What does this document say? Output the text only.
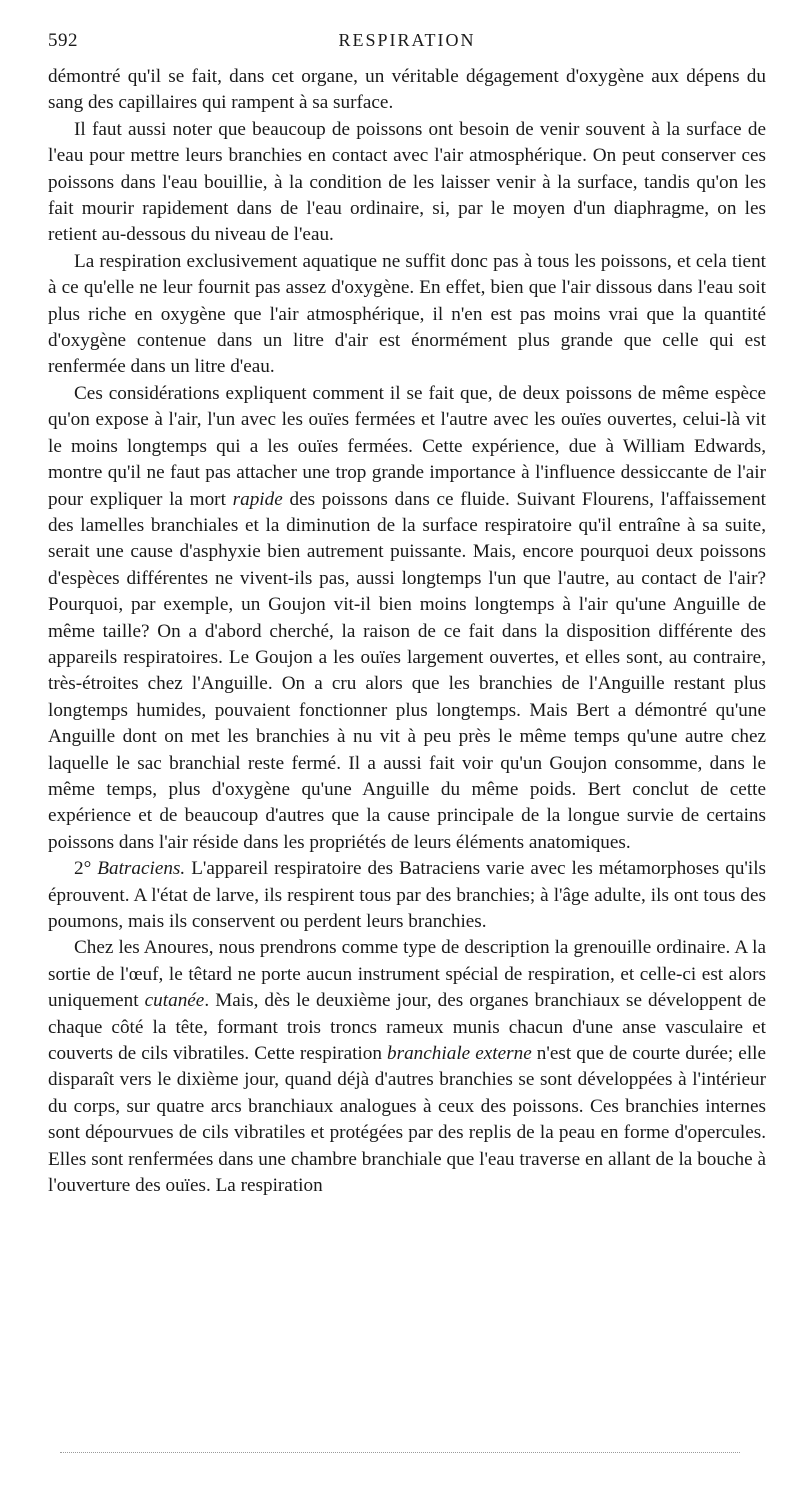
592	RESPIRATION

démontré qu'il se fait, dans cet organe, un véritable dégagement d'oxygène aux dépens du sang des capillaires qui rampent à sa surface.

Il faut aussi noter que beaucoup de poissons ont besoin de venir souvent à la surface de l'eau pour mettre leurs branchies en contact avec l'air atmosphérique. On peut conserver ces poissons dans l'eau bouillie, à la condition de les laisser venir à la surface, tandis qu'on les fait mourir rapidement dans de l'eau ordinaire, si, par le moyen d'un diaphragme, on les retient au-dessous du niveau de l'eau.

La respiration exclusivement aquatique ne suffit donc pas à tous les poissons, et cela tient à ce qu'elle ne leur fournit pas assez d'oxygène. En effet, bien que l'air dissous dans l'eau soit plus riche en oxygène que l'air atmosphérique, il n'en est pas moins vrai que la quantité d'oxygène contenue dans un litre d'air est énormément plus grande que celle qui est renfermée dans un litre d'eau.

Ces considérations expliquent comment il se fait que, de deux poissons de même espèce qu'on expose à l'air, l'un avec les ouïes fermées et l'autre avec les ouïes ouvertes, celui-là vit le moins longtemps qui a les ouïes fermées. Cette expérience, due à William Edwards, montre qu'il ne faut pas attacher une trop grande importance à l'influence dessiccante de l'air pour expliquer la mort rapide des poissons dans ce fluide. Suivant Flourens, l'affaissement des lamelles branchiales et la diminution de la surface respiratoire qu'il entraîne à sa suite, serait une cause d'asphyxie bien autrement puissante. Mais, encore pourquoi deux poissons d'espèces différentes ne vivent-ils pas, aussi longtemps l'un que l'autre, au contact de l'air? Pourquoi, par exemple, un Goujon vit-il bien moins longtemps à l'air qu'une Anguille de même taille? On a d'abord cherché, la raison de ce fait dans la disposition différente des appareils respiratoires. Le Goujon a les ouïes largement ouvertes, et elles sont, au contraire, très-étroites chez l'Anguille. On a cru alors que les branchies de l'Anguille restant plus longtemps humides, pouvaient fonctionner plus longtemps. Mais Bert a démontré qu'une Anguille dont on met les branchies à nu vit à peu près le même temps qu'une autre chez laquelle le sac branchial reste fermé. Il a aussi fait voir qu'un Goujon consomme, dans le même temps, plus d'oxygène qu'une Anguille du même poids. Bert conclut de cette expérience et de beaucoup d'autres que la cause principale de la longue survie de certains poissons dans l'air réside dans les propriétés de leurs éléments anatomiques.

2° Batraciens. L'appareil respiratoire des Batraciens varie avec les métamorphoses qu'ils éprouvent. A l'état de larve, ils respirent tous par des branchies; à l'âge adulte, ils ont tous des poumons, mais ils conservent ou perdent leurs branchies.

Chez les Anoures, nous prendrons comme type de description la grenouille ordinaire. A la sortie de l'œuf, le têtard ne porte aucun instrument spécial de respiration, et celle-ci est alors uniquement cutanée. Mais, dès le deuxième jour, des organes branchiaux se développent de chaque côté la tête, formant trois troncs rameux munis chacun d'une anse vasculaire et couverts de cils vibratiles. Cette respiration branchiale externe n'est que de courte durée; elle disparaît vers le dixième jour, quand déjà d'autres branchies se sont développées à l'intérieur du corps, sur quatre arcs branchiaux analogues à ceux des poissons. Ces branchies internes sont dépourvues de cils vibratiles et protégées par des replis de la peau en forme d'opercules. Elles sont renfermées dans une chambre branchiale que l'eau traverse en allant de la bouche à l'ouverture des ouïes. La respiration
